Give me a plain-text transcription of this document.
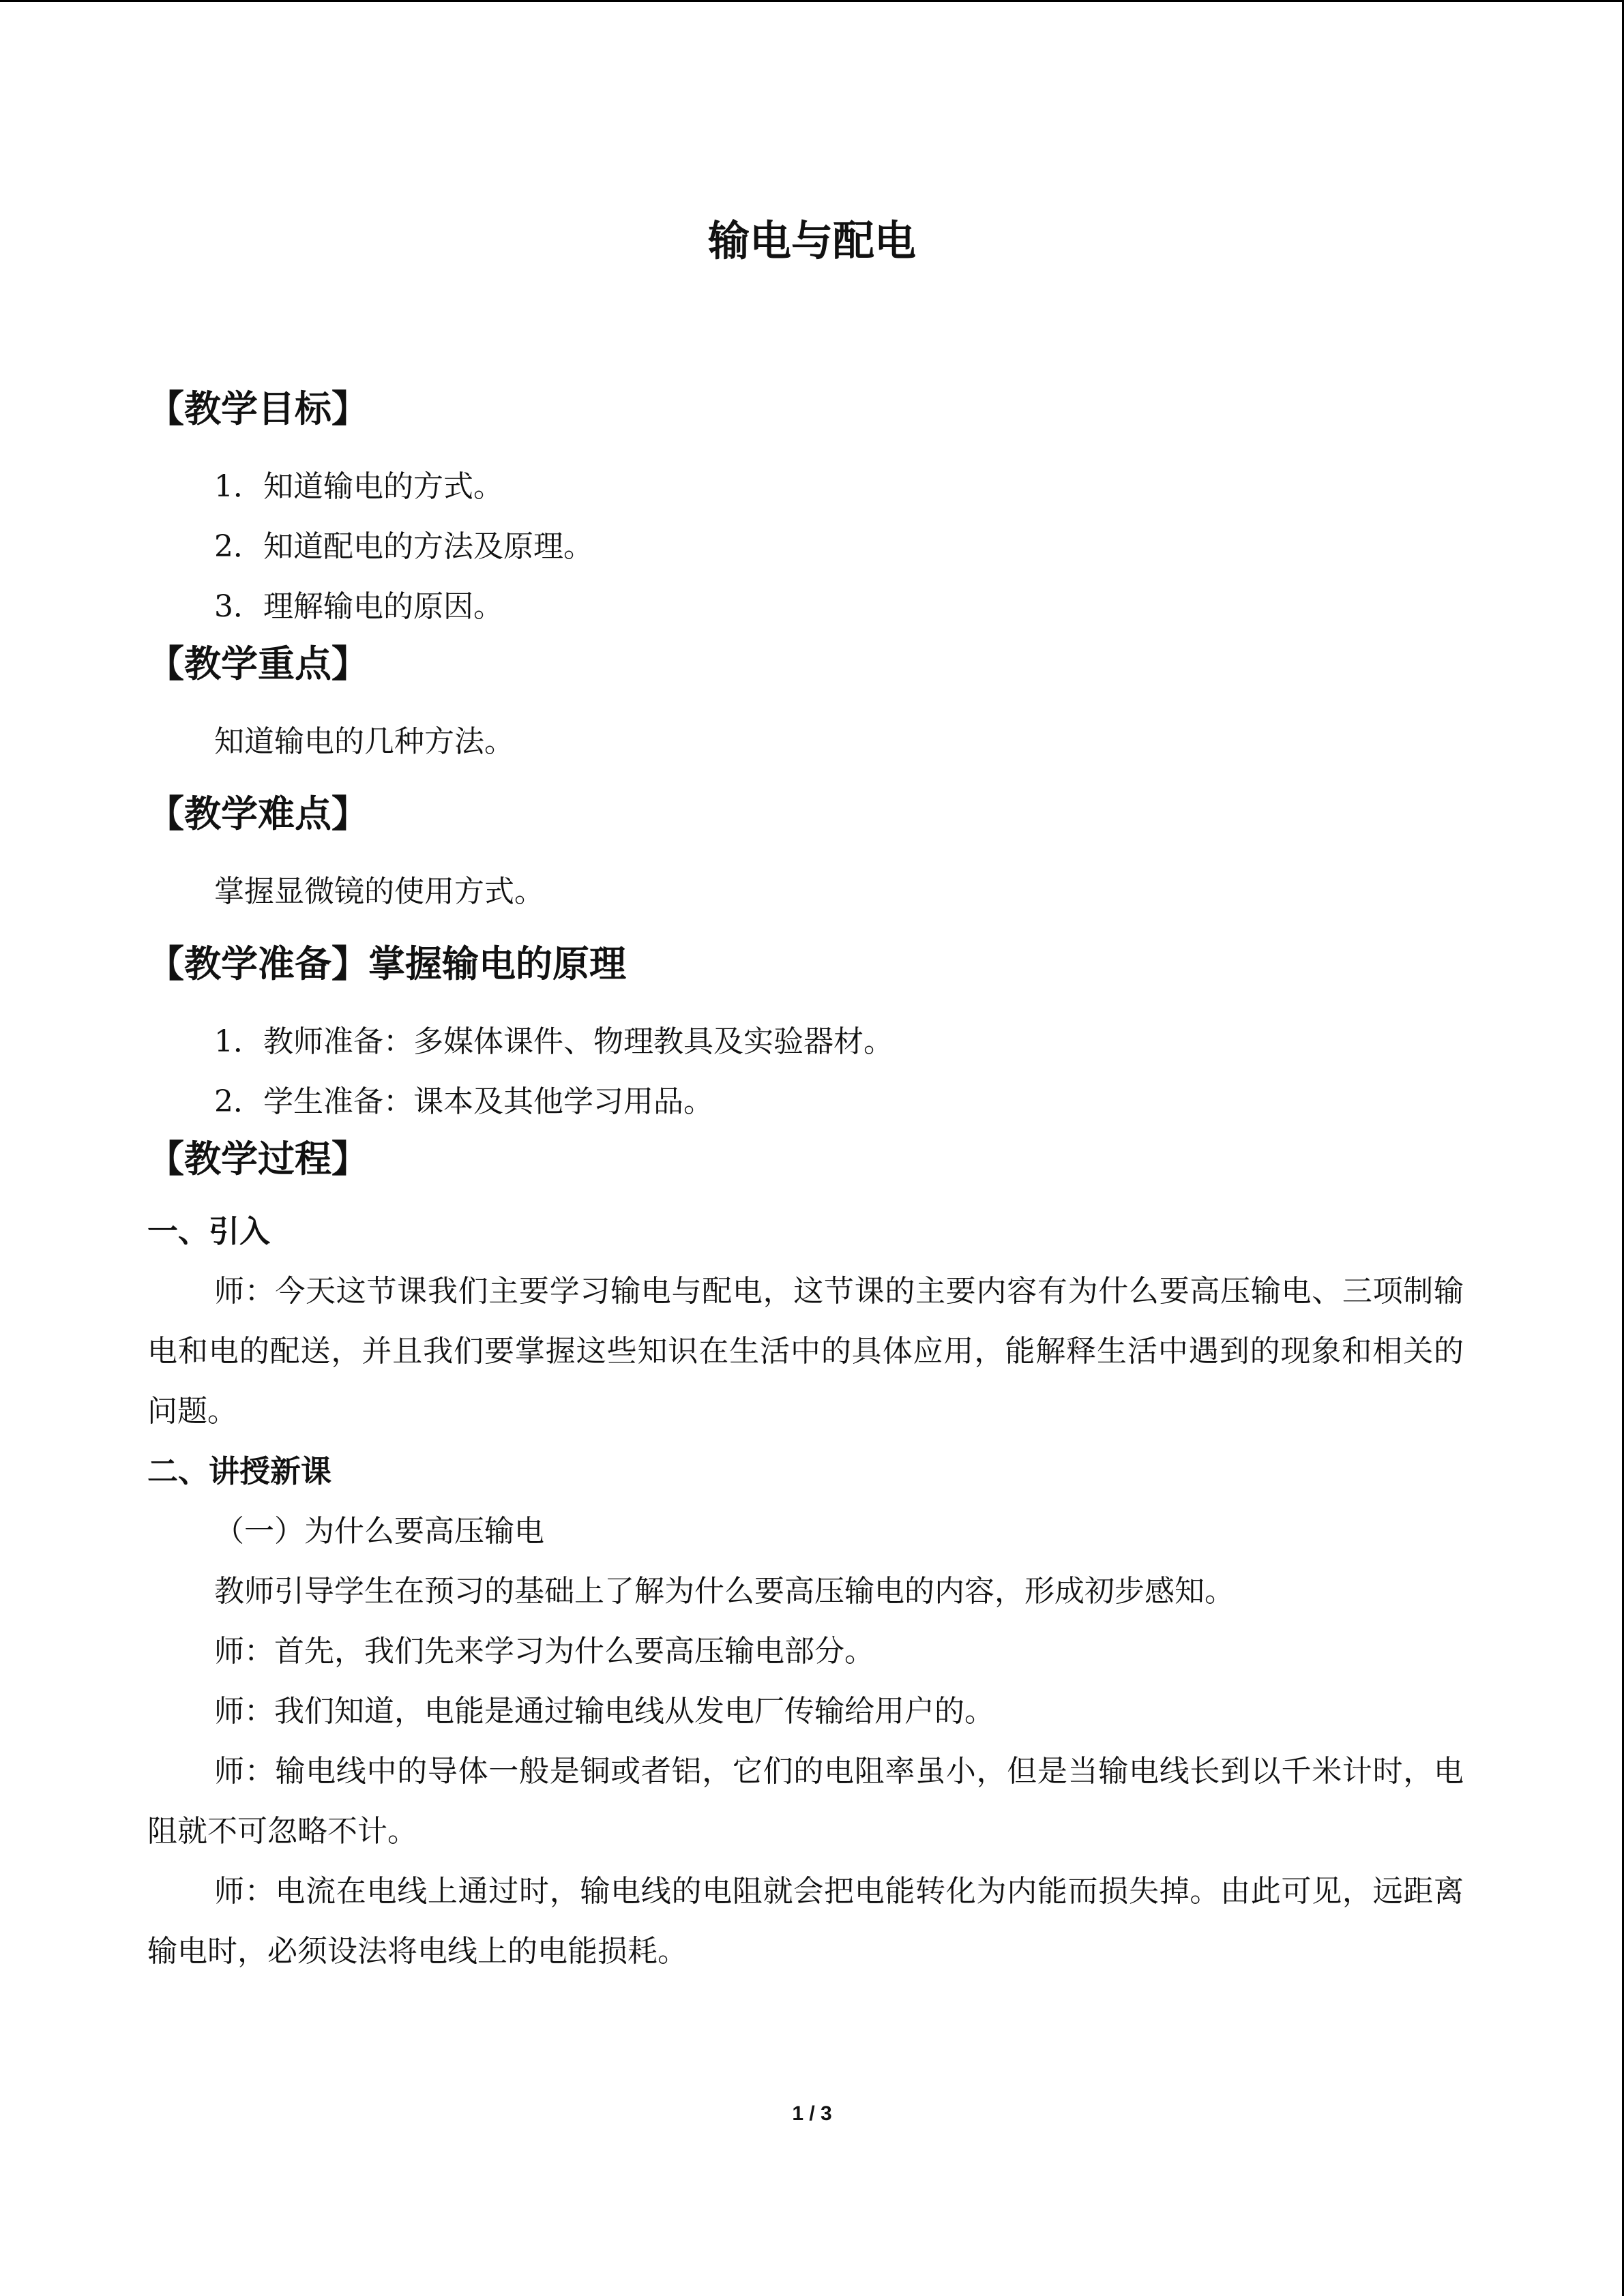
输电与配电
【教学目标】
1．知道输电的方式。
2．知道配电的方法及原理。
3．理解输电的原因。
【教学重点】
知道输电的几种方法。
【教学难点】
掌握显微镜的使用方式。
【教学准备】掌握输电的原理
1．教师准备：多媒体课件、物理教具及实验器材。
2．学生准备：课本及其他学习用品。
【教学过程】
一、引入

师：今天这节课我们主要学习输电与配电，这节课的主要内容有为什么要高压输电、三项制输电和电的配送，并且我们要掌握这些知识在生活中的具体应用，能解释生活中遇到的现象和相关的问题。

二、讲授新课
（一）为什么要高压输电

教师引导学生在预习的基础上了解为什么要高压输电的内容，形成初步感知。

师：首先，我们先来学习为什么要高压输电部分。

师：我们知道，电能是通过输电线从发电厂传输给用户的。

师：输电线中的导体一般是铜或者铝，它们的电阻率虽小，但是当输电线长到以千米计时，电阻就不可忽略不计。

师：电流在电线上通过时，输电线的电阻就会把电能转化为内能而损失掉。由此可见，远距离输电时，必须设法将电线上的电能损耗。

1 / 3
